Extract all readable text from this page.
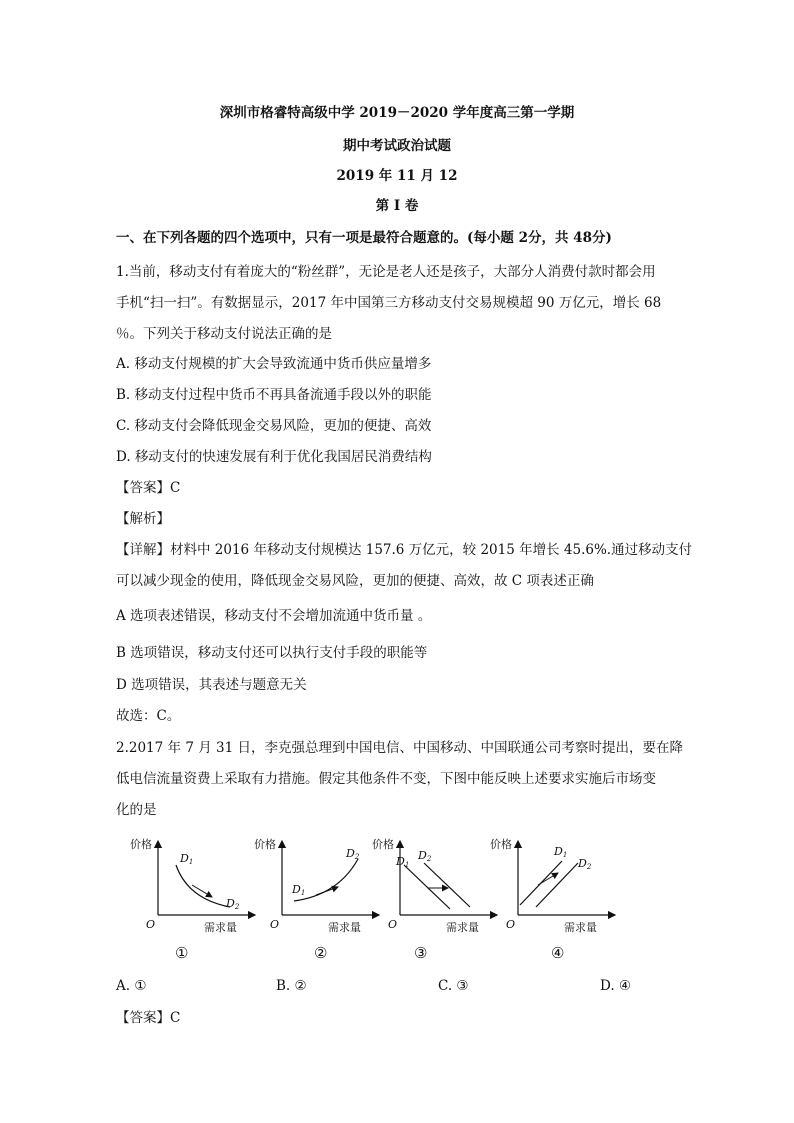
深圳市格睿特高级中学 2019－2020 学年度高三第一学期
期中考试政治试题
2019 年 11 月 12
第 I 卷
一、在下列各题的四个选项中，只有一项是最符合题意的。(每小题 2分，共 48分)
1.当前，移动支付有着庞大的“粉丝群”，无论是老人还是孩子，大部分人消费付款时都会用
手机“扫一扫”。有数据显示，2017 年中国第三方移动支付交易规模超 90 万亿元，增长 68
％。下列关于移动支付说法正确的是
A. 移动支付规模的扩大会导致流通中货币供应量增多
B. 移动支付过程中货币不再具备流通手段以外的职能
C. 移动支付会降低现金交易风险，更加的便捷、高效
D. 移动支付的快速发展有利于优化我国居民消费结构
【答案】C
【解析】
【详解】材料中 2016 年移动支付规模达 157.6 万亿元，较 2015 年增长 45.6%.通过移动支付
可以减少现金的使用，降低现金交易风险，更加的便捷、高效，故 C 项表述正确
A 选项表述错误，移动支付不会增加流通中货币量 。
B 选项错误，移动支付还可以执行支付手段的职能等
D 选项错误，其表述与题意无关
故选：C。
2.2017 年 7 月 31 日，李克强总理到中国电信、中国移动、中国联通公司考察时提出，要在降
低电信流量资费上采取有力措施。假定其他条件不变，下图中能反映上述要求实施后市场变
化的是
价格
O	需求量
D1
D2
价格
O	需求量
D1
D2
价格
O	需求量
D1
D2
价格
O	需求量
D1
D2
①	②	③	④
A. ①	B. ②	C. ③	D. ④
【答案】C
